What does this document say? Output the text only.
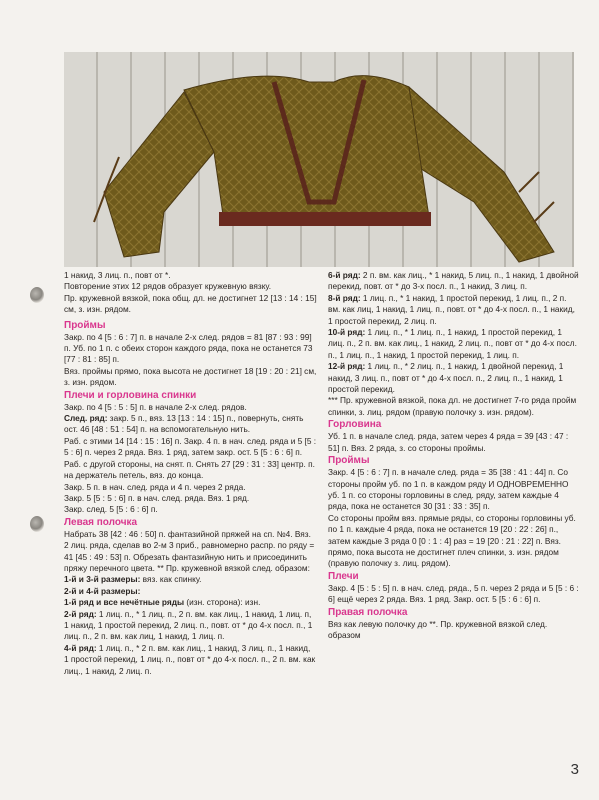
1 накид, 3 лиц. п., повт от *.

Повторение этих 12 рядов образует кружевную вязку.

Пр. кружевной вязкой, пока общ. дл. не достигнет 12 [13 : 14 : 15] см, з. изн. рядом.

Проймы

Закр. по 4 [5 : 6 : 7] п. в начале 2-х след. рядов = 81 [87 : 93 : 99] п. Уб. по 1 п. с обеих сторон каждого ряда, пока не останется 73 [77 : 81 : 85] п.

Вяз. проймы прямо, пока высота не достигнет 18 [19 : 20 : 21] см, з. изн. рядом.

Плечи и горловина спинки

Закр. по 4 [5 : 5 : 5] п. в начале 2-х след. рядов.

След. ряд: закр. 5 п., вяз. 13 [13 : 14 : 15] п., повернуть, снять ост. 46 [48 : 51 : 54] п. на вспомогательную нить.

Раб. с этими 14 [14 : 15 : 16] п. Закр. 4 п. в нач. след. ряда и 5 [5 : 5 : 6] п. через 2 ряда. Вяз. 1 ряд, затем закр. ост. 5 [5 : 6 : 6] п.

Раб. с другой стороны, на снят. п. Снять 27 [29 : 31 : 33] центр. п. на держатель петель, вяз. до конца.

Закр. 5 п. в нач. след. ряда и 4 п. через 2 ряда.

Закр. 5 [5 : 5 : 6] п. в нач. след. ряда. Вяз. 1 ряд.

Закр. след. 5 [5 : 6 : 6] п.

Левая полочка

Набрать 38 [42 : 46 : 50] п. фантазийной пряжей на сп. №4. Вяз. 2 лиц. ряда, сделав во 2-м 3 приб., равномерно распр. по ряду = 41 [45 : 49 : 53] п. Обрезать фантазийную нить и присоединить пряжу перечного цвета. ** Пр. кружевной вязкой след. образом:

1-й и 3-й размеры: вяз. как спинку.

2-й и 4-й размеры:

1-й ряд и все нечётные ряды (изн. сторона): изн.

2-й ряд: 1 лиц. п., * 1 лиц. п., 2 п. вм. как лиц., 1 накид, 1 лиц. п, 1 накид, 1 простой перекид, 2 лиц. п., повт. от * до 4-х посл. п., 1 лиц. п., 2 п. вм. как лиц, 1 накид, 1 лиц. п.

4-й ряд: 1 лиц. п., * 2 п. вм. как лиц., 1 накид, 3 лиц. п., 1 накид, 1 простой перекид, 1 лиц. п., повт от * до 4-х посл. п., 2 п. вм. как лиц., 1 накид, 2 лиц. п.

6-й ряд: 2 п. вм. как лиц., * 1 накид, 5 лиц. п., 1 накид, 1 двойной перекид, повт. от * до 3-х посл. п., 1 накид, 3 лиц. п.

8-й ряд: 1 лиц. п., * 1 накид, 1 простой перекид, 1 лиц. п., 2 п. вм. как лиц, 1 накид, 1 лиц. п., повт. от * до 4-х посл. п., 1 накид, 1 простой перекид, 2 лиц. п.

10-й ряд: 1 лиц. п., * 1 лиц. п., 1 накид, 1 простой перекид, 1 лиц. п., 2 п. вм. как лиц., 1 накид, 2 лиц. п., повт от * до 4-х посл. п., 1 лиц. п., 1 накид, 1 простой перекид, 1 лиц. п.

12-й ряд: 1 лиц. п., * 2 лиц. п., 1 накид, 1 двойной перекид, 1 накид, 3 лиц. п., повт от * до 4-х посл. п., 2 лиц. п., 1 накид, 1 простой перекид.

*** Пр. кружевной вязкой, пока дл. не достигнет 7-го ряда пройм спинки, з. лиц. рядом (правую полочку з. изн. рядом).

Горловина

Уб. 1 п. в начале след. ряда, затем через 4 ряда = 39 [43 : 47 : 51] п. Вяз. 2 ряда, з. со стороны проймы.

Проймы

Закр. 4 [5 : 6 : 7] п. в начале след. ряда = 35 [38 : 41 : 44] п. Со стороны пройм уб. по 1 п. в каждом ряду И ОДНОВРЕМЕННО уб. 1 п. со стороны горловины в след. ряду, затем каждые 4 ряда, пока не останется 30 [31 : 33 : 35] п.

Со стороны пройм вяз. прямые ряды, со стороны горловины уб. по 1 п. каждые 4 ряда, пока не останется 19 [20 : 22 : 26] п., затем каждые 3 ряда 0 [0 : 1 : 4] раз = 19 [20 : 21 : 22] п. Вяз. прямо, пока высота не достигнет плеч спинки, з. изн. рядом (правую полочку з. лиц. рядом).

Плечи

Закр. 4 [5 : 5 : 5] п. в нач. след. ряда., 5 п. через 2 ряда и 5 [5 : 6 : 6] ещё через 2 ряда. Вяз. 1 ряд. Закр. ост. 5 [5 : 6 : 6] п.

Правая полочка

Вяз как левую полочку до **. Пр. кружевной вязкой след. образом

3
